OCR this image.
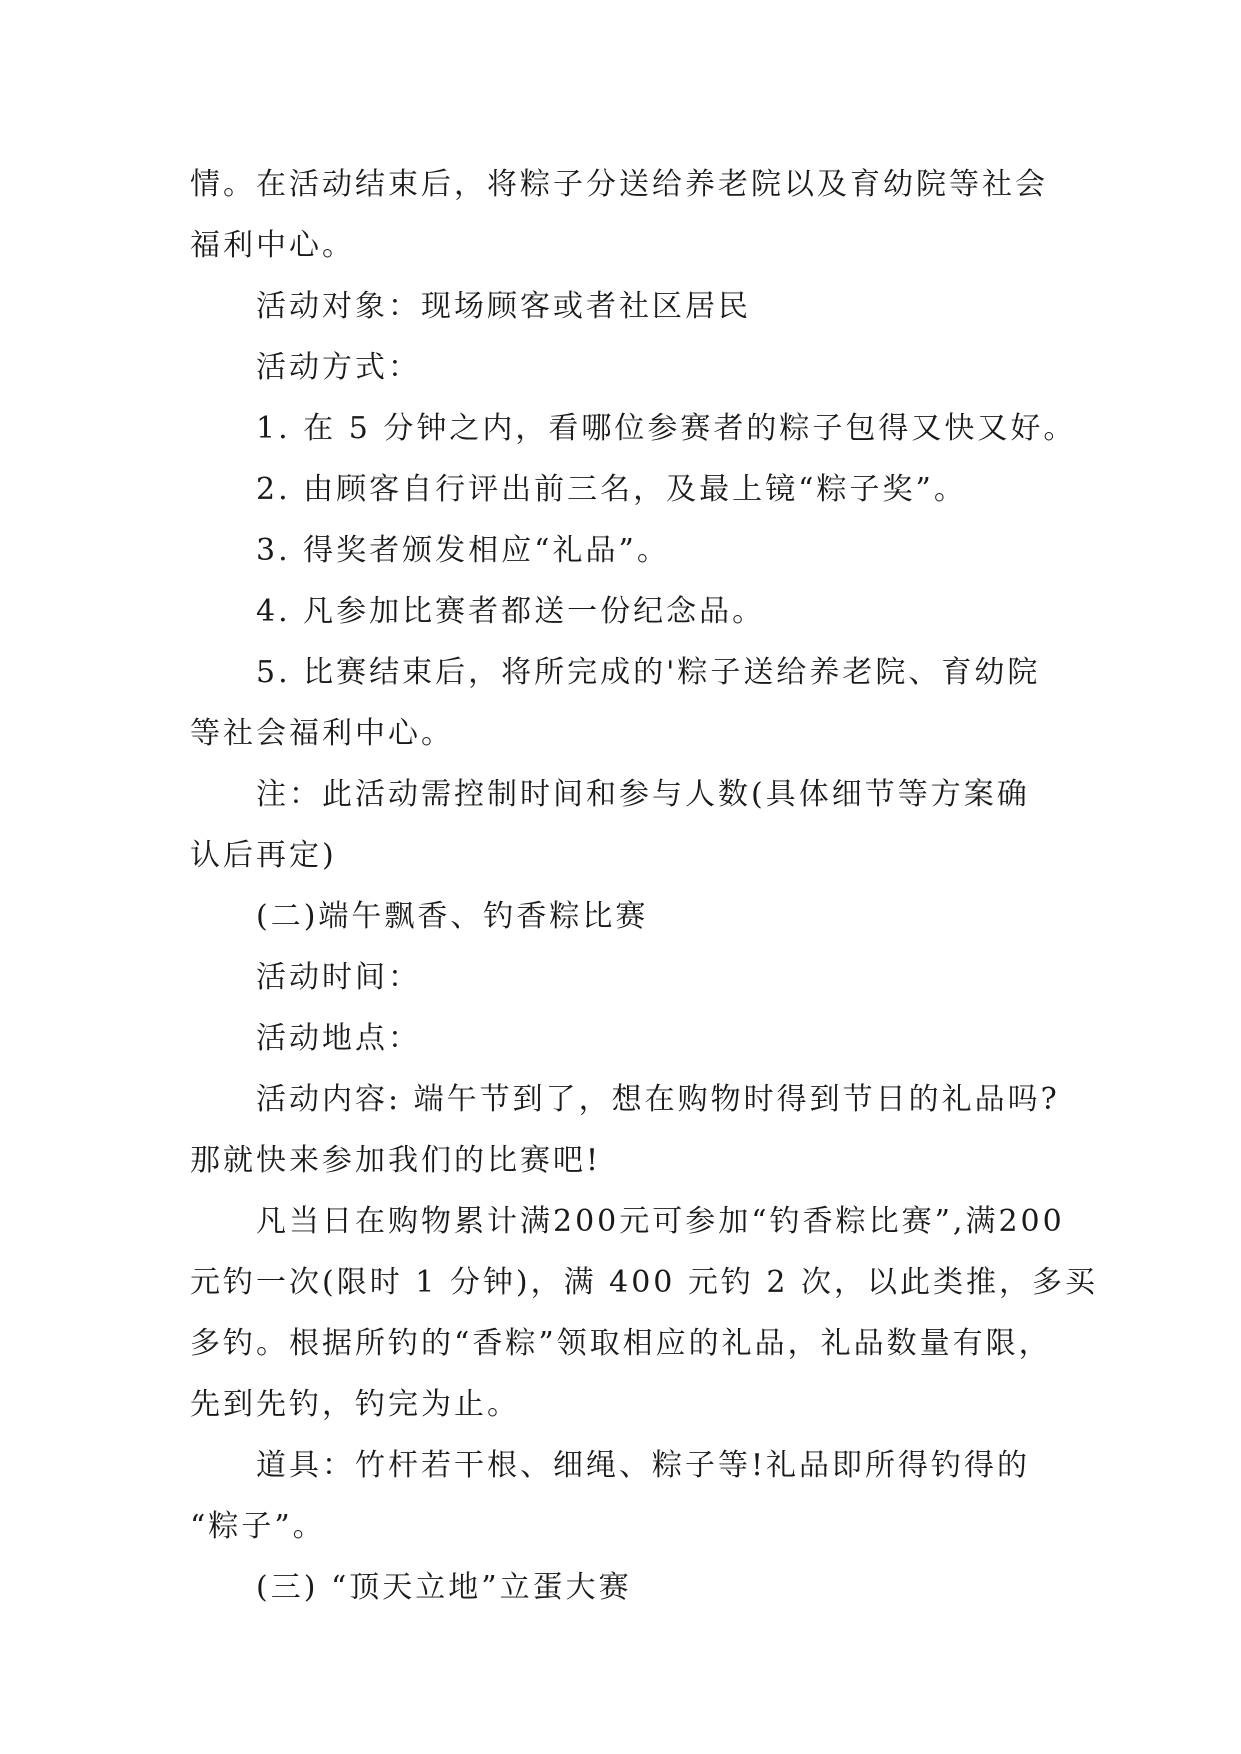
情。在活动结束后，将粽子分送给养老院以及育幼院等社会
福利中心。
活动对象：现场顾客或者社区居民
活动方式：
1. 在 5 分钟之内，看哪位参赛者的粽子包得又快又好。
2. 由顾客自行评出前三名，及最上镜“粽子奖”。
3. 得奖者颁发相应“礼品”。
4. 凡参加比赛者都送一份纪念品。
5. 比赛结束后，将所完成的'粽子送给养老院、育幼院
等社会福利中心。
注：此活动需控制时间和参与人数(具体细节等方案确
认后再定)
(二)端午飘香、钓香粽比赛
活动时间：
活动地点：
活动内容: 端午节到了，想在购物时得到节日的礼品吗?
那就快来参加我们的比赛吧!
凡当日在购物累计满200元可参加“钓香粽比赛”,满200
元钓一次(限时 1 分钟)，满 400 元钓 2 次，以此类推，多买
多钓。根据所钓的“香粽”领取相应的礼品，礼品数量有限，
先到先钓，钓完为止。
道具：竹杆若干根、细绳、粽子等!礼品即所得钓得的
“粽子”。
(三) “顶天立地”立蛋大赛
